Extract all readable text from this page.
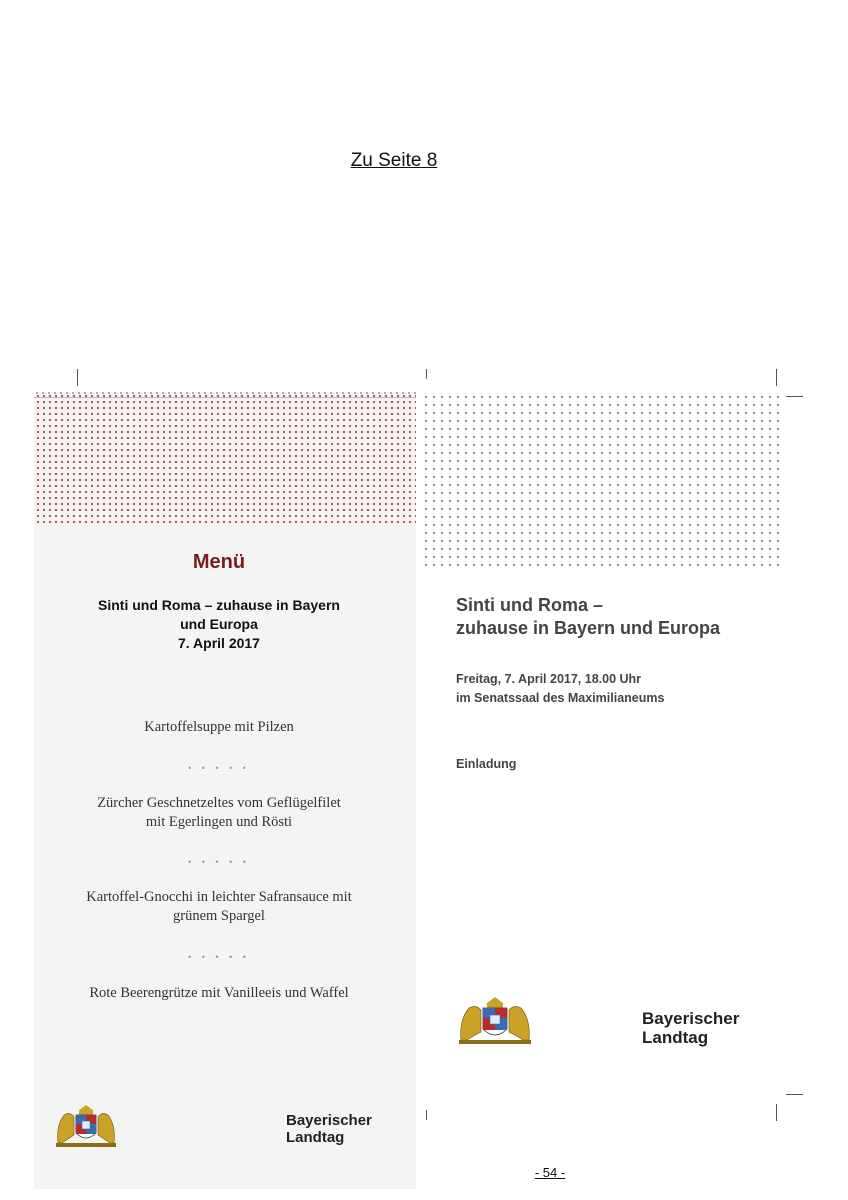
Zu Seite 8
Menü
Sinti und Roma – zuhause in Bayern
und Europa
7. April 2017
Kartoffelsuppe mit Pilzen
• • • • •
Zürcher Geschnetzeltes vom Geflügelfilet
mit Egerlingen und Rösti
• • • • •
Kartoffel-Gnocchi in leichter Safransauce mit
grünem Spargel
• • • • •
Rote Beerengrütze mit Vanilleeis und Waffel
Bayerischer
Landtag
Sinti und Roma –
zuhause in Bayern und Europa
Freitag, 7. April 2017, 18.00 Uhr
im Senatssaal des Maximilianeums
Einladung
Bayerischer
Landtag
- 54 -
